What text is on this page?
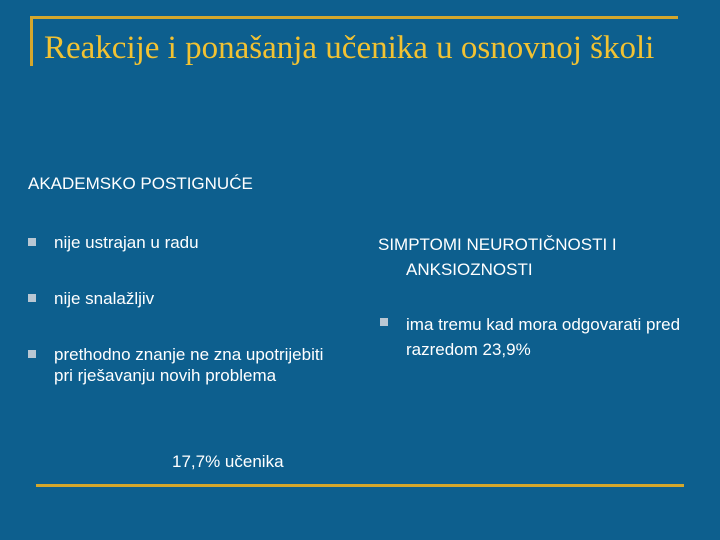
Reakcije i ponašanja učenika u osnovnoj školi

AKADEMSKO POSTIGNUĆE

nije ustrajan u radu
nije snalažljiv
prethodno znanje ne zna upotrijebiti pri rješavanju novih problema
17,7% učenika

SIMPTOMI NEUROTIČNOSTI I ANKSIOZNOSTI

ima tremu kad mora odgovarati pred razredom 23,9%
